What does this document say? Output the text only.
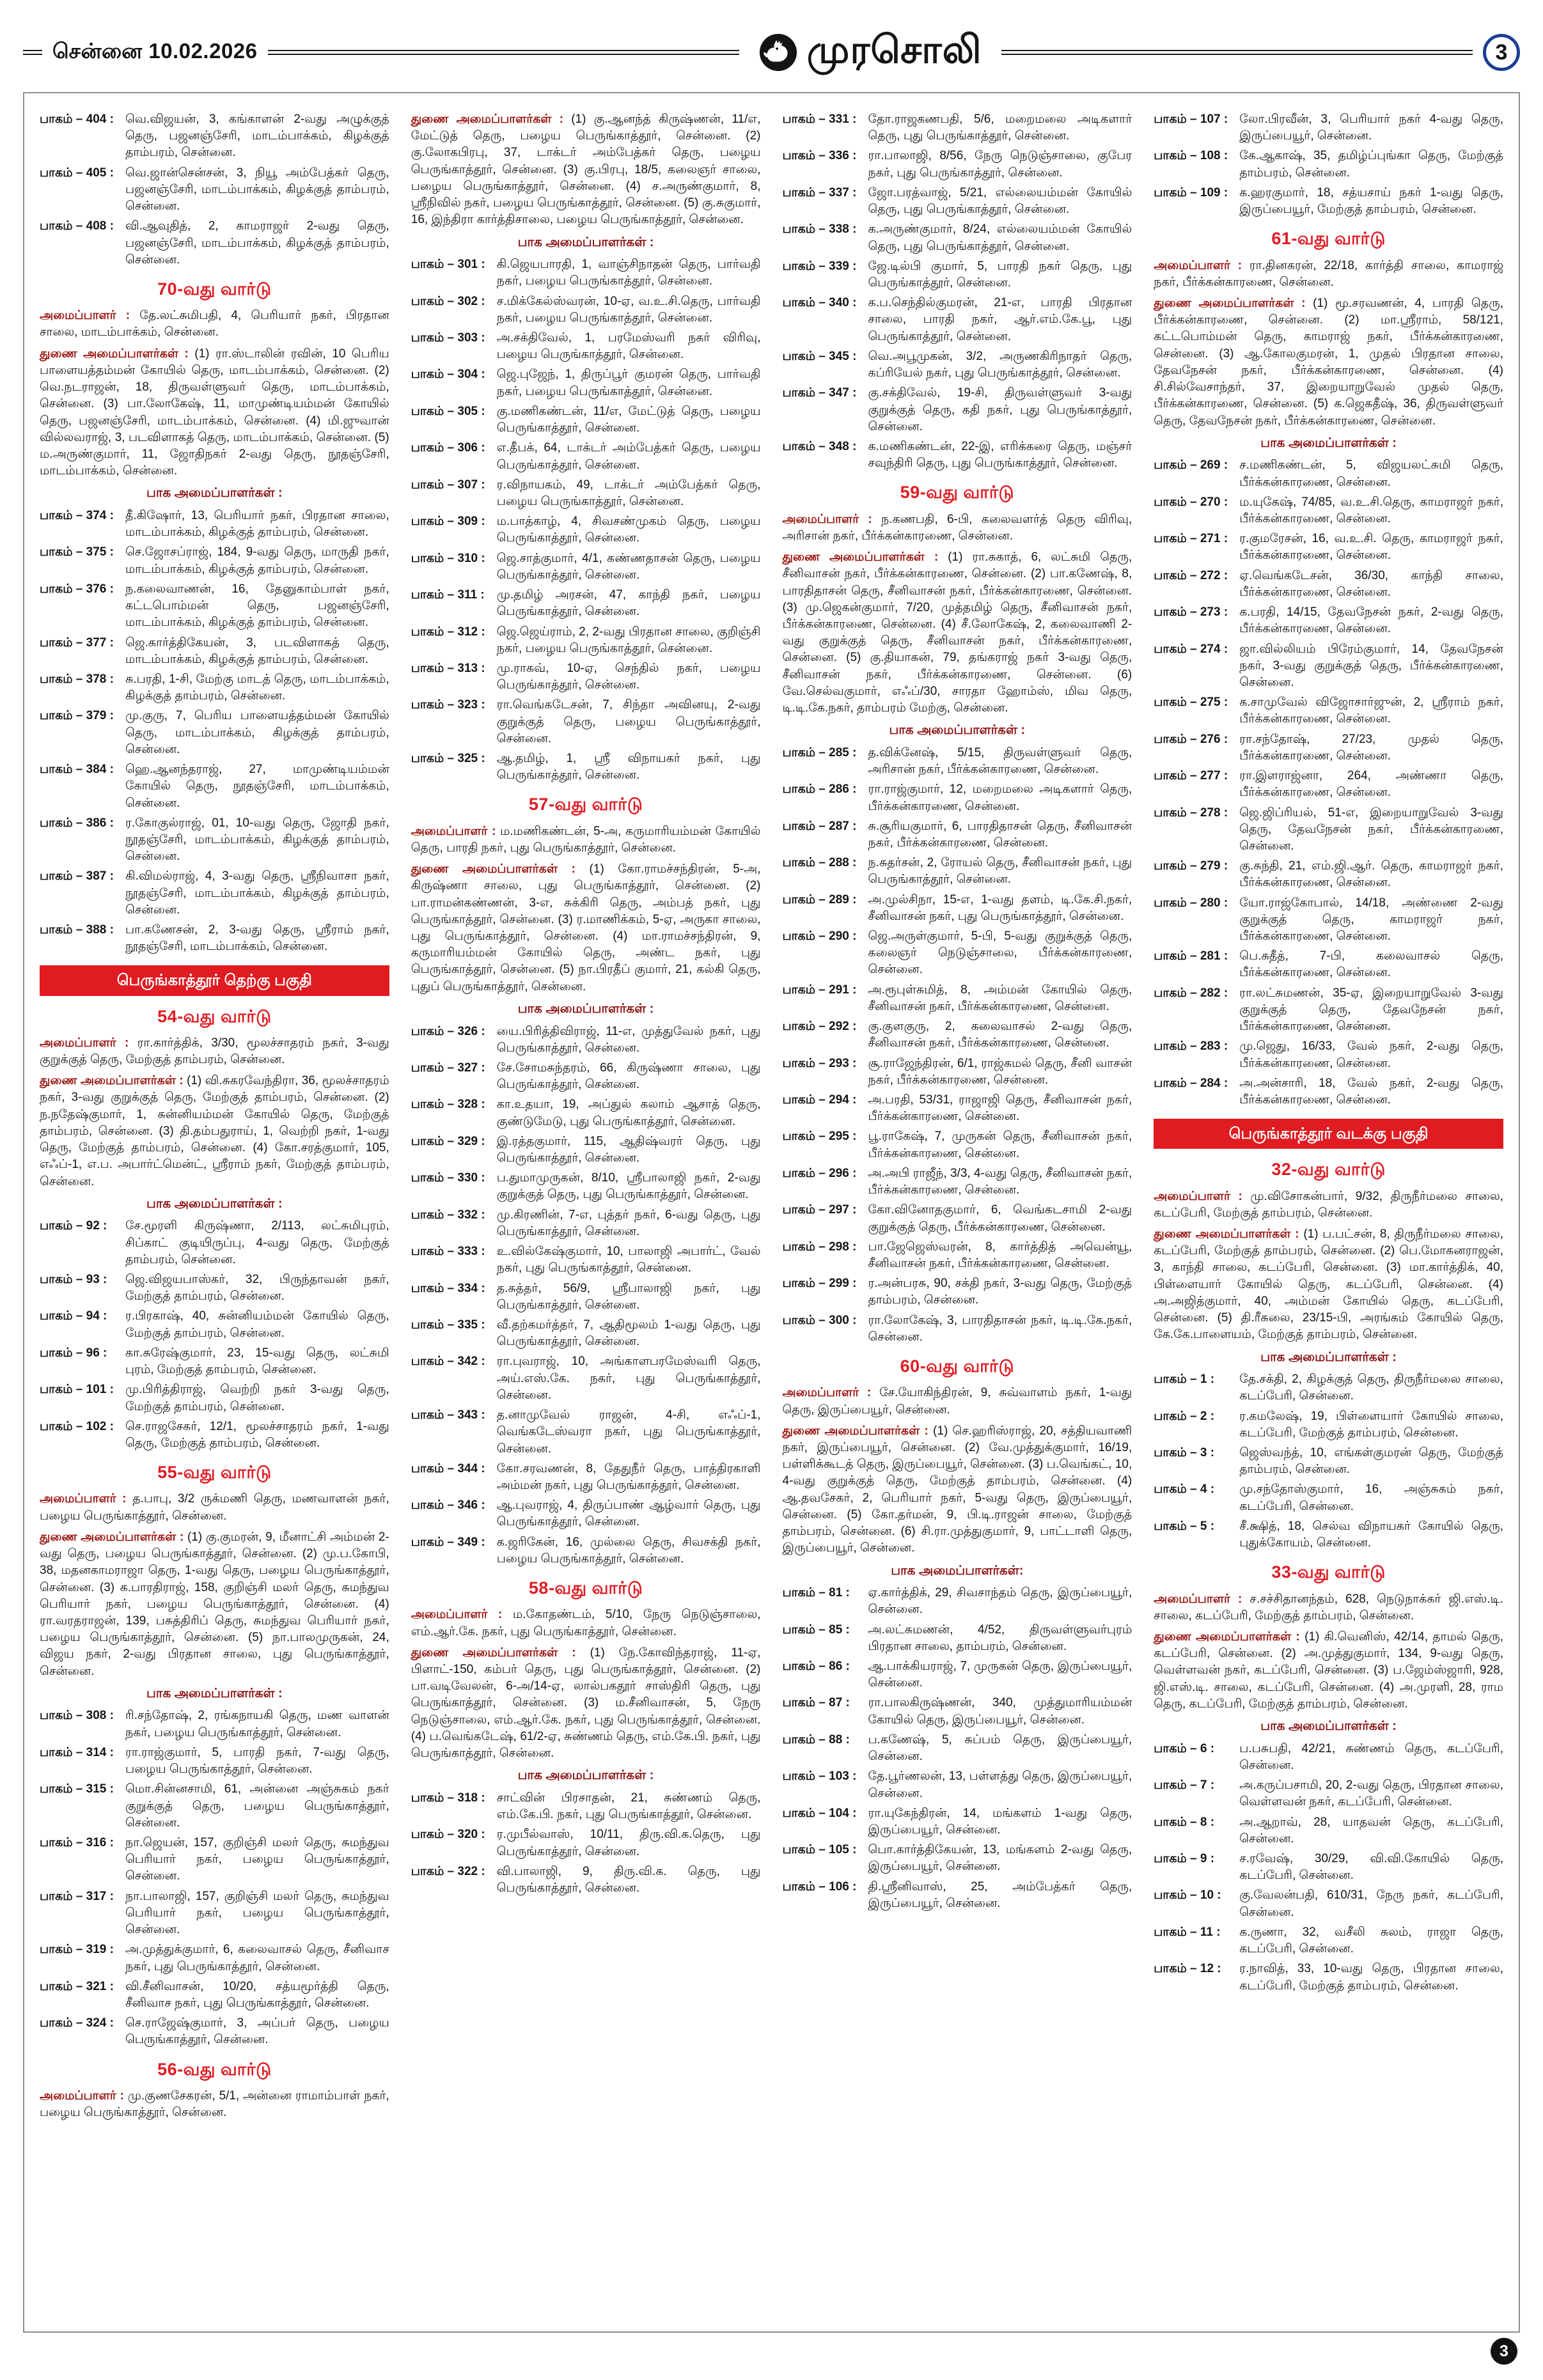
சென்னை 10.02.2026	முரசொலி	3
பாகம் – 404 : வெ.விஜயன், 3, கங்காளன் 2-வது அழுக்குத் தெரு, பஜனஞ்சேரி, மாடம்பாக்கம், கிழக்குத் தாம்பரம், சென்னை.
பாகம் – 405 : வெ.ஜான்சென்சன், 3, நியூ அம்பேத்கர் தெரு, பஜனஞ்சேரி, மாடம்பாக்கம், கிழக்குத் தாம்பரம், சென்னை.
பாகம் – 408 : வி.ஆவுதித், 2, காமராஜர் 2-வது தெரு, பஜனஞ்சேரி, மாடம்பாக்கம், கிழக்குத் தாம்பரம், சென்னை.
70-வது வார்டு
அமைப்பாளர் : தே.லட்சுமிபதி, 4, பெரியார் நகர், பிரதான சாலை, மாடம்பாக்கம், சென்னை.
துணை அமைப்பாளர்கள் : (1) ரா.ஸ்டாலின் ரவின், 10 பெரிய பாளையத்தம்மன் கோயில் தெரு, மாடம்பாக்கம், சென்னை. (2) வெ.நடராஜன், 18, திருவள்ளுவர் தெரு, மாடம்பாக்கம், சென்னை. (3) பா.லோகேஷ், 11, மாமுண்டியம்மன் கோயில் தெரு, பஜனஞ்சேரி, மாடம்பாக்கம், சென்னை. (4) மி.ஜுவான் வில்லவராஜ், 3, படவிளாகத் தெரு, மாடம்பாக்கம், சென்னை. (5) ம.அருண்குமார், 11, ஜோதிநகர் 2-வது தெரு, நூதஞ்சேரி, மாடம்பாக்கம், சென்னை.
பாக அமைப்பாளர்கள் :
பாகம் – 374 : தீ.கிஷோர், 13, பெரியார் நகர், பிரதான சாலை, மாடம்பாக்கம், கிழக்குத் தாம்பரம், சென்னை.
பாகம் – 375 : செ.ஜோசப்ராஜ், 184, 9-வது தெரு, மாருதி நகர், மாடம்பாக்கம், கிழக்குத் தாம்பரம், சென்னை.
பாகம் – 376 : ந.கலைவாணன், 16, தேனுகாம்பாள் நகர், கட்டபொம்மன் தெரு, பஜனஞ்சேரி, மாடம்பாக்கம், கிழக்குத் தாம்பரம், சென்னை.
பாகம் – 377 : ஜெ.கார்த்திகேயன், 3, படவிளாகத் தெரு, மாடம்பாக்கம், கிழக்குத் தாம்பரம், சென்னை.
பாகம் – 378 : சு.பரதி, 1-சி, மேற்கு மாடத் தெரு, மாடம்பாக்கம், கிழக்குத் தாம்பரம், சென்னை.
பாகம் – 379 : மு.குரு, 7, பெரிய பாளையத்தம்மன் கோயில் தெரு, மாடம்பாக்கம், கிழக்குத் தாம்பரம், சென்னை.
பாகம் – 384 : ஹெ.ஆனந்தராஜ், 27, மாமுண்டியம்மன் கோயில் தெரு, நூதஞ்சேரி, மாடம்பாக்கம், சென்னை.
பாகம் – 386 : ர.கோகுல்ராஜ், 01, 10-வது தெரு, ஜோதி நகர், நூதஞ்சேரி, மாடம்பாக்கம், கிழக்குத் தாம்பரம், சென்னை.
பாகம் – 387 : கி.விமல்ராஜ், 4, 3-வது தெரு, ஸ்ரீநிவாசா நகர், நூதஞ்சேரி, மாடம்பாக்கம், கிழக்குத் தாம்பரம், சென்னை.
பாகம் – 388 : பா.கணேசன், 2, 3-வது தெரு, ஸ்ரீராம் நகர், நூதஞ்சேரி, மாடம்பாக்கம், சென்னை.
பெருங்காத்தூர் தெற்கு பகுதி
54-வது வார்டு
அமைப்பாளர் : ரா.கார்த்திக், 3/30, மூலச்சாதரம் நகர், 3-வது குறுக்குத் தெரு, மேற்குத் தாம்பரம், சென்னை.
துணை அமைப்பாளர்கள் : (1) வி.சுகரவேந்திரா, 36, மூலச்சாதரம் நகர், 3-வது குறுக்குத் தெரு, மேற்குத் தாம்பரம், சென்னை. (2) ந.நதேஷ்குமார், 1, சுன்னியம்மன் கோயில் தெரு, மேற்குத் தாம்பரம், சென்னை. (3) தி.தம்பதுராய், 1, வெற்றி நகர், 1-வது தெரு, மேற்குத் தாம்பரம், சென்னை. (4) கோ.சரத்குமார், 105, எஃப்-1, எ.ப. அபார்ட்மென்ட், ஸ்ரீராம் நகர், மேற்குத் தாம்பரம், சென்னை.
பாக அமைப்பாளர்கள் :
பாகம் – 92 :	சே.மூரளி கிருஷ்ணா, 2/113, லட்சுமிபுரம், சிப்காட் குடியிருப்பு, 4-வது தெரு, மேற்குத் தாம்பரம், சென்னை.
பாகம் – 93 :	ஜெ.விஜயபாஸ்கர், 32, பிருந்தாவன் நகர், மேற்குத் தாம்பரம், சென்னை.
பாகம் – 94 :	ர.பிரகாஷ், 40, சுன்னியம்மன் கோயில் தெரு, மேற்குத் தாம்பரம், சென்னை.
பாகம் – 96 :	கா.சுரேஷ்குமார், 23, 15-வது தெரு, லட்சுமி புரம், மேற்குத் தாம்பரம், சென்னை.
பாகம் – 101 : மு.பிரித்திராஜ், வெற்றி நகர் 3-வது தெரு, மேற்குத் தாம்பரம், சென்னை.
பாகம் – 102 : செ.ராஜசேகர், 12/1, மூலச்சாதரம் நகர், 1-வது தெரு, மேற்குத் தாம்பரம், சென்னை.
55-வது வார்டு
அமைப்பாளர் : த.பாபு, 3/2 ருக்மணி தெரு, மணவாளன் நகர், பழைய பெருங்காத்தூர், சென்னை.
துணை அமைப்பாளர்கள் : (1) கு.குமரன், 9, மீனாட்சி அம்மன் 2-வது தெரு, பழைய பெருங்காத்தூர், சென்னை. (2) மு.ப.கோபி, 38, மதனகாமராஜா தெரு, 1-வது தெரு, பழைய பெருங்காத்தூர், சென்னை. (3) க.பாரதிராஜ், 158, குறிஞ்சி மலர் தெரு, சுமந்துவ பெரியார் நகர், பழைய பெருங்காத்தூர், சென்னை. (4) ரா.வரதராஜன், 139, பசுத்திரிப் தெரு, சுமந்துவ பெரியார் நகர், பழைய பெருங்காத்தூர், சென்னை. (5) நா.பாலமுருகன், 24, விஜய நகர், 2-வது பிரதான சாலை, புது பெருங்காத்தூர், சென்னை.
பாக அமைப்பாளர்கள் :
பாகம் – 308 : ரி.சந்தோஷ், 2, ரங்கநாயகி தெரு, மண வாளன் நகர், பழைய பெருங்காத்தூர், சென்னை.
பாகம் – 314 : ரா.ராஜ்குமார், 5, பாரதி நகர், 7-வது தெரு, பழைய பெருங்காத்தூர், சென்னை.
பாகம் – 315 : மொ.சின்னசாமி, 61, அன்னை அஞ்சுகம் நகர் குறுக்குத் தெரு, பழைய பெருங்காத்தூர், சென்னை.
பாகம் – 316 : நா.ஜெயன், 157, குறிஞ்சி மலர் தெரு, சுமந்துவ பெரியார் நகர், பழைய பெருங்காத்தூர், சென்னை.
பாகம் – 317 : நா.பாலாஜி, 157, குறிஞ்சி மலர் தெரு, சுமந்துவ பெரியார் நகர், பழைய பெருங்காத்தூர், சென்னை.
பாகம் – 319 : அ.முத்துக்குமார், 6, கலைவாசல் தெரு, சீனிவாச நகர், புது பெருங்காத்தூர், சென்னை.
பாகம் – 321 : வி.சீனிவாசன், 10/20, சத்யமூர்த்தி தெரு, சீனிவாச நகர், புது பெருங்காத்தூர், சென்னை.
பாகம் – 324 : செ.ராஜேஷ்குமார், 3, அப்பர் தெரு, பழைய பெருங்காத்தூர், சென்னை.
56-வது வார்டு
அமைப்பாளர் : மு.குணசேகரன், 5/1, அன்னை ராமாம்பாள் நகர், பழைய பெருங்காத்தூர், சென்னை.
துணை அமைப்பாளர்கள் : (1) கு.ஆனந்த் கிருஷ்ணன், 11/எ, மேட்டுத் தெரு, பழைய பெருங்காத்தூர், சென்னை. (2) கு.லோகபிரபு, 37, டாக்டர் அம்பேத்கர் தெரு, பழைய பெருங்காத்தூர், சென்னை. (3) கு.பிரபு, 18/5, கலைஞர் சாலை, பழைய பெருங்காத்தூர், சென்னை. (4) ச.அருண்குமார், 8, ஸ்ரீநிவில் நகர், பழைய பெருங்காத்தூர், சென்னை. (5) கு.சுகுமார், 16, இந்திரா கார்த்திசாலை, பழைய பெருங்காத்தூர், சென்னை.
பாக அமைப்பாளர்கள் :
பாகம் – 301 : கி.ஜெயபாரதி, 1, வாஞ்சிநாதன் தெரு, பார்வதி நகர், பழைய பெருங்காத்தூர், சென்னை.
பாகம் – 302 : ச.மிக்கேல்ஸ்வரன், 10-ஏ, வ.உ.சி.தெரு, பார்வதி நகர், பழைய பெருங்காத்தூர், சென்னை.
பாகம் – 303 : அ.சக்திவேல், 1, பரமேஸ்வரி நகர் விரிவு, பழைய பெருங்காத்தூர், சென்னை.
பாகம் – 304 : ஜெ.புஜேந், 1, திருப்பூர் குமரன் தெரு, பார்வதி நகர், பழைய பெருங்காத்தூர், சென்னை.
பாகம் – 305 : கு.மணிகண்டன், 11/எ, மேட்டுத் தெரு, பழைய பெருங்காத்தூர், சென்னை.
பாகம் – 306 : எ.தீபக், 64, டாக்டர் அம்பேத்கர் தெரு, பழைய பெருங்காத்தூர், சென்னை.
பாகம் – 307 : ர.விநாயகம், 49, டாக்டர் அம்பேத்கர் தெரு, பழைய பெருங்காத்தூர், சென்னை.
பாகம் – 309 : ம.பாத்காழ், 4, சிவசண்முகம் தெரு, பழைய பெருங்காத்தூர், சென்னை.
பாகம் – 310 : ஜெ.சாத்குமார், 4/1, கண்ணதாசன் தெரு, பழைய பெருங்காத்தூர், சென்னை.
பாகம் – 311 :	மு.தமிழ் அரசன், 47, காந்தி நகர், பழைய பெருங்காத்தூர், சென்னை.
பாகம் – 312 : ஜெ.ஜெய்ராம், 2, 2-வது பிரதான சாலை, குறிஞ்சி நகர், பழைய பெருங்காத்தூர், சென்னை.
பாகம் – 313 : மு.ராகவ், 10-ஏ, செந்தில் நகர், பழைய பெருங்காத்தூர், சென்னை.
பாகம் – 323 : ரா.வெங்கடேசன், 7, சிந்தா அவினயு, 2-வது குறுக்குத் தெரு, பழைய பெருங்காத்தூர், சென்னை.
பாகம் – 325 : ஆ.தமிழ், 1, ஸ்ரீ விநாயகர் நகர், புது பெருங்காத்தூர், சென்னை.
57-வது வார்டு
அமைப்பாளர் : ம.மணிகண்டன், 5-அ, கருமாரியம்மன் கோயில் தெரு, பாரதி நகர், புது பெருங்காத்தூர், சென்னை.
துணை அமைப்பாளர்கள் : (1) கோ.ராமச்சந்திரன், 5-அ, கிருஷ்ணா சாலை, புது பெருங்காத்தூர், சென்னை. (2) பா.ராமன்கண்ணன், 3-எ, சுக்கிரி தெரு, அம்பத் நகர், புது பெருங்காத்தூர், சென்னை. (3) ர.மாணிக்கம், 5-ஏ, அருகா சாலை, புது பெருங்காத்தூர், சென்னை. (4) மா.ராமச்சந்திரன், 9, கருமாரியம்மன் கோயில் தெரு, அண்ட நகர், புது பெருங்காத்தூர், சென்னை. (5) நா.பிரதீப் குமார், 21, கல்கி தெரு, புதுப் பெருங்காத்தூர், சென்னை.
பாக அமைப்பாளர்கள் :
பாகம் – 326 : யை.பிரித்திவிராஜ், 11-எ, முத்துவேல் நகர், புது பெருங்காத்தூர், சென்னை.
பாகம் – 327 : சே.சோமசுந்தரம், 66, கிருஷ்ணா சாலை, புது பெருங்காத்தூர், சென்னை.
பாகம் – 328 : கா.உதயா, 19, அப்துல் கலாம் ஆசாத் தெரு, குண்டுமேடு, புது பெருங்காத்தூர், சென்னை.
பாகம் – 329 : இ.ரத்தகுமார், 115, ஆதிஷ்வரர் தெரு, புது பெருங்காத்தூர், சென்னை.
பாகம் – 330 : ப.துமாமுருகன், 8/10, ஸ்ரீபாலாஜி நகர், 2-வது குறுக்குத் தெரு, புது பெருங்காத்தூர், சென்னை.
பாகம் – 332 : மு.கிரணின், 7-எ, புத்தர் நகர், 6-வது தெரு, புது பெருங்காத்தூர், சென்னை.
பாகம் – 333 : உ.வில்கேஷ்குமார், 10, பாலாஜி அபார்ட், வேல் நகர், புது பெருங்காத்தூர், சென்னை.
பாகம் – 334 : த.சுத்தர், 56/9, ஸ்ரீபாலாஜி நகர், புது பெருங்காத்தூர், சென்னை.
பாகம் – 335 : வீ.தற்கமர்த்தர், 7, ஆதிமூலம் 1-வது தெரு, புது பெருங்காத்தூர், சென்னை.
பாகம் – 342 : ரா.புவராஜ், 10, அங்காளபரமேஸ்வரி தெரு, அய்.எஸ்.கே. நகர், புது பெருங்காத்தூர், சென்னை.
பாகம் – 343 : த.னாமுவேல் ராஜன், 4-சி, எஃப்-1, வெங்கடேஸ்வரா நகர், புது பெருங்காத்தூர், சென்னை.
பாகம் – 344 : கோ.சரவணன், 8, தேதுநீர் தெரு, பாத்திரகாளி அம்மன் நகர், புது பெருங்காத்தூர், சென்னை.
பாகம் – 346 : ஆ.புவராஜ், 4, திருப்பாண் ஆழ்வார் தெரு, புது பெருங்காத்தூர், சென்னை.
பாகம் – 349 : க.ஜரிகேன், 16, முல்லை தெரு, சிவசக்தி நகர், பழைய பெருங்காத்தூர், சென்னை.
58-வது வார்டு
அமைப்பாளர் : ம.கோதண்டம், 5/10, நேரு நெடுஞ்சாலை, எம்.ஆர்.கே. நகர், புது பெருங்காத்தூர், சென்னை.
துணை அமைப்பாளர்கள் : (1) நே.கோவிந்தராஜ், 11-ஏ, பிளாட்-150, கம்பர் தெரு, புது பெருங்காத்தூர், சென்னை. (2) பா.வடிவேலன், 6-அ/14-ஏ, லால்பகதூர் சாஸ்திரி தெரு, புது பெருங்காத்தூர், சென்னை. (3) ம.சீனிவாசன், 5, நேரு நெடுஞ்சாலை, எம்.ஆர்.கே. நகர், புது பெருங்காத்தூர், சென்னை. (4) ப.வெங்கடேஷ், 61/2-ஏ, சுண்ணம் தெரு, எம்.கே.பி. நகர், புது பெருங்காத்தூர், சென்னை.
பாக அமைப்பாளர்கள் :
பாகம் – 318 : சாட்வின் பிரசாதன், 21, சுண்ணம் தெரு, எம்.கே.பி. நகர், புது பெருங்காத்தூர், சென்னை.
பாகம் – 320 : ர.முபீல்வாஸ், 10/11, திரு.வி.க.தெரு, புது பெருங்காத்தூர், சென்னை.
பாகம் – 322 : வி.பாலாஜி, 9, திரு.வி.க. தெரு, புது பெருங்காத்தூர், சென்னை.
பாகம் – 331 : தோ.ராஜகணபதி, 5/6, மறைமலை அடிகளார் தெரு, புது பெருங்காத்தூர், சென்னை.
பாகம் – 336 : ரா.பாலாஜி, 8/56, நேரு நெடுஞ்சாலை, குபேர நகர், புது பெருங்காத்தூர், சென்னை.
பாகம் – 337 : ஜோ.பரத்வாஜ், 5/21, எல்லையம்மன் கோயில் தெரு, புது பெருங்காத்தூர், சென்னை.
பாகம் – 338 : க.அருண்குமார், 8/24, எல்லையம்மன் கோயில் தெரு, புது பெருங்காத்தூர், சென்னை.
பாகம் – 339 : ஜே.டில்பி குமார், 5, பாரதி நகர் தெரு, புது பெருங்காத்தூர், சென்னை.
பாகம் – 340 : க.ப.செந்தில்குமரன், 21-எ, பாரதி பிரதான சாலை, பாரதி நகர், ஆர்.எம்.கே.பூ, புது பெருங்காத்தூர், சென்னை.
பாகம் – 345 : வெ.அபூமுகன், 3/2, அருணகிரிநாதர் தெரு, கப்ரியேல் நகர், புது பெருங்காத்தூர், சென்னை.
பாகம் – 347 : கு.சக்திவேல், 19-சி, திருவள்ளுவர் 3-வது குறுக்குத் தெரு, கதி நகர், புது பெருங்காத்தூர், சென்னை.
பாகம் – 348 : க.மணிகண்டன், 22-இ, எரிக்கரை தெரு, மஞ்சர் சவுந்திரி தெரு, புது பெருங்காத்தூர், சென்னை.
59-வது வார்டு
அமைப்பாளர் : ந.கணபதி, 6-பி, கலைவளர்த் தெரு விரிவு, அரிசான் நகர், பீர்க்கன்காரணை, சென்னை.
துணை அமைப்பாளர்கள் : (1) ரா.சுகாத், 6, லட்சுமி தெரு, சீனிவாசன் நகர், பீர்க்கன்காரணை, சென்னை. (2) பா.கணேஷ், 8, பாரதிதாசன் தெரு, சீனிவாசன் நகர், பீர்க்கன்காரணை, சென்னை. (3) மு.ஜெகன்குமார், 7/20, முத்தமிழ் தெரு, சீனிவாசன் நகர், பீர்க்கன்காரணை, சென்னை. (4) சீ.லோகேஷ், 2, கலைவாணி 2-வது குறுக்குத் தெரு, சீனிவாசன் நகர், பீர்க்கன்காரணை, சென்னை. (5) கு.தியாகன், 79, தங்கராஜ் நகர் 3-வது தெரு, சீனிவாசன் நகர், பீர்க்கன்காரணை, சென்னை. (6) வே.செல்வகுமார், எஃப்/30, சாரதா ஹோம்ஸ், மிவ தெரு, டி.டி.கே.நகர், தாம்பரம் மேற்கு, சென்னை.
பாக அமைப்பாளர்கள் :
பாகம் – 285 : த.விக்னேஷ், 5/15, திருவள்ளுவர் தெரு, அரிசான் நகர், பீர்க்கன்காரணை, சென்னை.
பாகம் – 286 : ரா.ராஜ்குமார், 12, மறைமலை அடிகளார் தெரு, பீர்க்கன்காரணை, சென்னை.
பாகம் – 287 : சு.சூரியகுமார், 6, பாரதிதாசன் தெரு, சீனிவாசன் நகர், பீர்க்கன்காரணை, சென்னை.
பாகம் – 288 : ந.சுதர்சன், 2, ரோயல் தெரு, சீனிவாசன் நகர், புது பெருங்காத்தூர், சென்னை.
பாகம் – 289 : அ.முல்சிநா, 15-எ, 1-வது தளம், டி.கே.சி.நகர், சீனிவாசன் நகர், புது பெருங்காத்தூர், சென்னை.
பாகம் – 290 : ஜெ.அருள்குமார், 5-பி, 5-வது குறுக்குத் தெரு, கலைஞர் நெடுஞ்சாலை, பீர்க்கன்காரணை, சென்னை.
பாகம் – 291 : அ.ரூபுள்சுமித், 8, அம்மன் கோயில் தெரு, சீனிவாசன் நகர், பீர்க்கன்காரணை, சென்னை.
பாகம் – 292 : கு.குளகுரு, 2, கலைவாசல் 2-வது தெரு, சீனிவாசன் நகர், பீர்க்கன்காரணை, சென்னை.
பாகம் – 293 : சூ.ராஜேந்திரன், 6/1, ராஜ்கமல் தெரு, சீனி வாசன் நகர், பீர்க்கன்காரணை, சென்னை.
பாகம் – 294 : அ.பரதி, 53/31, ராஜாஜி தெரு, சீனிவாசன் நகர், பீர்க்கன்காரணை, சென்னை.
பாகம் – 295 : பூ.ராகேஷ், 7, முருகன் தெரு, சீனிவாசன் நகர், பீர்க்கன்காரணை, சென்னை.
பாகம் – 296 : அ.அபி ராஜீந், 3/3, 4-வது தெரு, சீனிவாசன் நகர், பீர்க்கன்காரணை, சென்னை.
பாகம் – 297 : கோ.வினோதகுமார், 6, வெங்கடசாமி 2-வது குறுக்குத் தெரு, பீர்க்கன்காரணை, சென்னை.
பாகம் – 298 : பா.ஜேஜெஸ்வரன், 8, கார்த்தித் அவென்யூ, சீனிவாசன் நகர், பீர்க்கன்காரணை, சென்னை.
பாகம் – 299 : ர.அன்பரசு, 90, சக்தி நகர், 3-வது தெரு, மேற்குத் தாம்பரம், சென்னை.
பாகம் – 300 : ரா.லோகேஷ், 3, பாரதிதாசன் நகர், டி.டி.கே.நகர், சென்னை.
60-வது வார்டு
அமைப்பாளர் : சே.யோகிந்திரன், 9, சுவ்வாளம் நகர், 1-வது தெரு, இருப்பையூர், சென்னை.
துணை அமைப்பாளர்கள் : (1) செ.ஹரிஸ்ராஜ், 20, சத்தியவாணி நகர், இருப்பையூர், சென்னை. (2) வே.முத்துக்குமார், 16/19, பள்ளிக்கூடத் தெரு, இருப்பையூர், சென்னை. (3) ப.வெங்கட், 10, 4-வது குறுக்குத் தெரு, மேற்குத் தாம்பரம், சென்னை. (4) ஆ.தவசேகர், 2, பெரியார் நகர், 5-வது தெரு, இருப்பையூர், சென்னை. (5) கோ.தர்மன், 9, பி.டி.ராஜன் சாலை, மேற்குத் தாம்பரம், சென்னை. (6) சி.ரா.முத்துகுமார், 9, பாட்டாளி தெரு, இருப்பையூர், சென்னை.
பாக அமைப்பாளர்கள்:
பாகம் – 81 :	ஏ.கார்த்திக், 29, சிவசாந்தம் தெரு, இருப்பையூர், சென்னை.
பாகம் – 85 :	அ.லட்சுமணன், 4/52, திருவள்ளுவர்புரம் பிரதான சாலை, தாம்பரம், சென்னை.
பாகம் – 86 :	ஆ.பாக்கியராஜ், 7, முருகன் தெரு, இருப்பையூர், சென்னை.
பாகம் – 87 :	ரா.பாலகிருஷ்ணன், 340, முத்துமாரியம்மன் கோயில் தெரு, இருப்பையூர், சென்னை.
பாகம் – 88 :	ப.கணேஷ், 5, சுப்பம் தெரு, இருப்பையூர், சென்னை.
பாகம் – 103 : தே.பூர்ணலன், 13, பள்ளத்து தெரு, இருப்பையூர், சென்னை.
பாகம் – 104 : ரா.யுகேந்திரன், 14, மங்களம் 1-வது தெரு, இருப்பையூர், சென்னை.
பாகம் – 105 : பொ.கார்த்திகேயன், 13, மங்களம் 2-வது தெரு, இருப்பையூர், சென்னை.
பாகம் – 106 : தி.ஸ்ரீனிவாஸ், 25, அம்பேத்கர் தெரு, இருப்பையூர், சென்னை.
பாகம் – 107 : லோ.பிரவீன், 3, பெரியார் நகர் 4-வது தெரு, இருப்பையூர், சென்னை.
பாகம் – 108 : கே.ஆகாஷ், 35, தமிழ்ப்புங்கா தெரு, மேற்குத் தாம்பரம், சென்னை.
பாகம் – 109 : க.ஹரகுமார், 18, சத்யசாய் நகர் 1-வது தெரு, இருப்பையூர், மேற்குத் தாம்பரம், சென்னை.
61-வது வார்டு
அமைப்பாளர் : ரா.தினகரன், 22/18, கார்த்தி சாலை, காமராஜ் நகர், பீர்க்கன்காரணை, சென்னை.
துணை அமைப்பாளர்கள் : (1) மூ.சரவணன், 4, பாரதி தெரு, பீர்க்கன்காரணை, சென்னை. (2) மா.ஸ்ரீராம், 58/121, கட்டபொம்மன் தெரு, காமராஜ் நகர், பீர்க்கன்காரணை, சென்னை. (3) ஆ.கோலகுமரன், 1, முதல் பிரதான சாலை, தேவநேசன் நகர், பீர்க்கன்காரணை, சென்னை. (4) சி.சில்வேசாந்தர், 37, இறையாறுவேல் முதல் தெரு, பீர்க்கன்காரணை, சென்னை. (5) க.ஜெகதீஷ், 36, திருவள்ளுவர் தெரு, தேவநேசன் நகர், பீர்க்கன்காரணை, சென்னை.
பாக அமைப்பாளர்கள் :
பாகம் – 269 : ச.மணிகண்டன், 5, விஜயலட்சுமி தெரு, பீர்க்கன்காரணை, சென்னை.
பாகம் – 270 : ம.யுகேஷ், 74/85, வ.உ.சி.தெரு, காமராஜர் நகர், பீர்க்கன்காரணை, சென்னை.
பாகம் – 271 : ர.குமரேசன், 16, வ.உ.சி. தெரு, காமராஜர் நகர், பீர்க்கன்காரணை, சென்னை.
பாகம் – 272 : ஏ.வெங்கடேசன், 36/30, காந்தி சாலை, பீர்க்கன்காரணை, சென்னை.
பாகம் – 273 : க.பரதி, 14/15, தேவநேசன் நகர், 2-வது தெரு, பீர்க்கன்காரணை, சென்னை.
பாகம் – 274 : ஜா.வில்லியம் பிரேம்குமார், 14, தேவநேசன் நகர், 3-வது குறுக்குத் தெரு, பீர்க்கன்காரணை, சென்னை.
பாகம் – 275 : க.சாமுவேல் விஜோசார்ஜுன், 2, ஸ்ரீராம் நகர், பீர்க்கன்காரணை, சென்னை.
பாகம் – 276 : ரா.சந்தோஷ், 27/23, முதல் தெரு, பீர்க்கன்காரணை, சென்னை.
பாகம் – 277 : ரா.இளராஜ்னா, 264, அண்ணா தெரு, பீர்க்கன்காரணை, சென்னை.
பாகம் – 278 : ஜெ.ஜிப்ரியல், 51-எ, இறையாறுவேல் 3-வது தெரு, தேவநேசன் நகர், பீர்க்கன்காரணை, சென்னை.
பாகம் – 279 : கு.சுந்தி, 21, எம்.ஜி.ஆர். தெரு, காமராஜர் நகர், பீர்க்கன்காரணை, சென்னை.
பாகம் – 280 : யோ.ராஜ்கோபால், 14/18, அண்ணை 2-வது குறுக்குத் தெரு, காமராஜர் நகர், பீர்க்கன்காரணை, சென்னை.
பாகம் – 281 : பெ.சுதீத், 7-பி, கலைவாசல் தெரு, பீர்க்கன்காரணை, சென்னை.
பாகம் – 282 : ரா.லட்சுமணன், 35-ஏ, இறையாறுவேல் 3-வது குறுக்குத் தெரு, தேவநேசன் நகர், பீர்க்கன்காரணை, சென்னை.
பாகம் – 283 : மு.ஜெது, 16/33, வேல் நகர், 2-வது தெரு, பீர்க்கன்காரணை, சென்னை.
பாகம் – 284 : அ.அன்சாரி, 18, வேல் நகர், 2-வது தெரு, பீர்க்கன்காரணை, சென்னை.
பெருங்காத்தூர் வடக்கு பகுதி
32-வது வார்டு
அமைப்பாளர் : மு.விசோகன்பார், 9/32, திருநீர்மலை சாலை, கடப்பேரி, மேற்குத் தாம்பரம், சென்னை.
துணை அமைப்பாளர்கள் : (1) ப.பட்சன், 8, திருநீர்மலை சாலை, கடப்பேரி, மேற்குத் தாம்பரம், சென்னை. (2) பெ.மோகனராஜன், 3, காந்தி சாலை, கடப்பேரி, சென்னை. (3) மா.கார்த்திக், 40, பிள்ளையார் கோயில் தெரு, கடப்பேரி, சென்னை. (4) அ.அஜித்குமார், 40, அம்மன் கோயில் தெரு, கடப்பேரி, சென்னை. (5) தி.ரீசுலை, 23/15-பி, அரங்கம் கோயில் தெரு, கே.கே.பாளையம், மேற்குத் தாம்பரம், சென்னை.
பாக அமைப்பாளர்கள் :
பாகம் – 1 :	தே.சக்தி, 2, கிழக்குத் தெரு, திருநீர்மலை சாலை, கடப்பேரி, சென்னை.
பாகம் – 2 :	ர.கமலேஷ், 19, பிள்ளையார் கோயில் சாலை, கடப்பேரி, மேற்குத் தாம்பரம், சென்னை.
பாகம் – 3 :	ஜெஸ்வந்த், 10, எங்கள்குமரன் தெரு, மேற்குத் தாம்பரம், சென்னை.
பாகம் – 4 :	மு.சந்தோஸ்குமார், 16, அஞ்சுகம் நகர், கடப்பேரி, சென்னை.
பாகம் – 5 :	சீ.க்ஷித், 18, செல்வ விநாயகர் கோயில் தெரு, புதுக்கோயம், சென்னை.
33-வது வார்டு
அமைப்பாளர் : ச.சச்சிதானந்தம், 628, நெடுநாக்கர் ஜி.எஸ்.டி. சாலை, கடப்பேரி, மேற்குத் தாம்பரம், சென்னை.
துணை அமைப்பாளர்கள் : (1) கி.வெனிஸ், 42/14, தாமல் தெரு, கடப்பேரி, சென்னை. (2) அ.முத்துகுமார், 134, 9-வது தெரு, வெள்ளவன் நகர், கடப்பேரி, சென்னை. (3) ப.ஜேம்ஸ்ஜாரி, 928, ஜி.எஸ்.டி. சாலை, கடப்பேரி, சென்னை. (4) அ.முரளி, 28, ராம தெரு, கடப்பேரி, மேற்குத் தாம்பரம், சென்னை.
பாக அமைப்பாளர்கள் :
பாகம் – 6 :	ப.பசுபதி, 42/21, சுண்ணம் தெரு, கடப்பேரி, சென்னை.
பாகம் – 7 :	அ.கருப்பசாமி, 20, 2-வது தெரு, பிரதான சாலை, வெள்ளவன் நகர், கடப்பேரி, சென்னை.
பாகம் – 8 :	அ.ஆறாவ், 28, யாதவன் தெரு, கடப்பேரி, சென்னை.
பாகம் – 9 :	ச.ரவேஷ், 30/29, வி.வி.கோயில் தெரு, கடப்பேரி, சென்னை.
பாகம் – 10 :	கு.வேலன்பதி, 610/31, நேரு நகர், கடப்பேரி, சென்னை.
பாகம் – 11 :	க.ருணா, 32, வசீலி சுலம், ராஜா தெரு, கடப்பேரி, சென்னை.
பாகம் – 12 :	ர.நாவித், 33, 10-வது தெரு, பிரதான சாலை, கடப்பேரி, மேற்குத் தாம்பரம், சென்னை.
3
